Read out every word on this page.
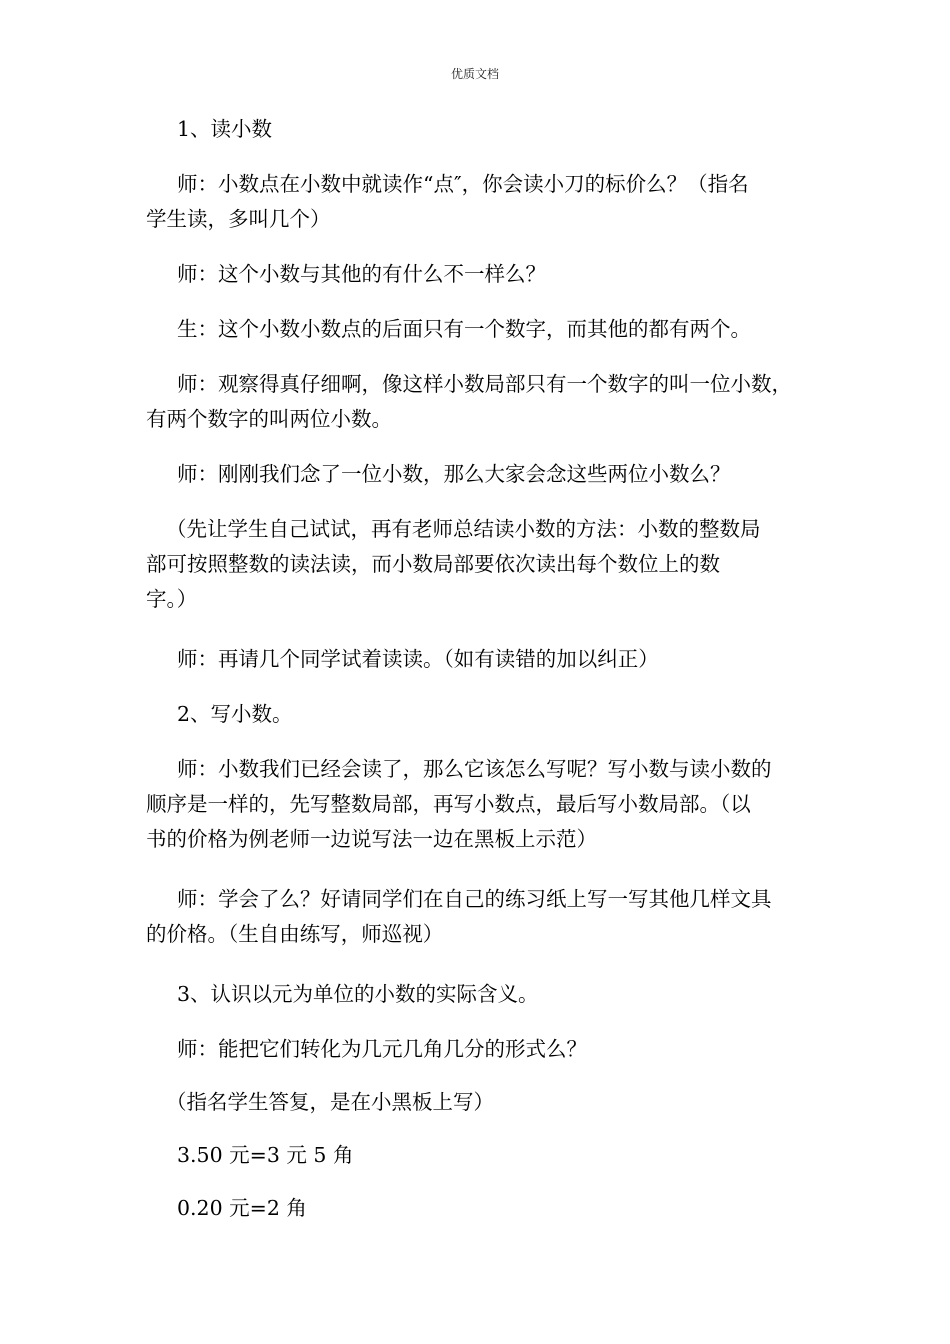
优质文档
1、读小数
师：小数点在小数中就读作“点″，你会读小刀的标价么？（指名
学生读，多叫几个）
师：这个小数与其他的有什么不一样么？
生：这个小数小数点的后面只有一个数字，而其他的都有两个。
师：观察得真仔细啊，像这样小数局部只有一个数字的叫一位小数，
有两个数字的叫两位小数。
师：刚刚我们念了一位小数，那么大家会念这些两位小数么？
（先让学生自己试试，再有老师总结读小数的方法：小数的整数局
部可按照整数的读法读，而小数局部要依次读出每个数位上的数
字。）
师：再请几个同学试着读读。（如有读错的加以纠正）
2、写小数。
师：小数我们已经会读了，那么它该怎么写呢？写小数与读小数的
顺序是一样的，先写整数局部，再写小数点，最后写小数局部。（以
书的价格为例老师一边说写法一边在黑板上示范）
师：学会了么？好请同学们在自己的练习纸上写一写其他几样文具
的价格。（生自由练写，师巡视）
3、认识以元为单位的小数的实际含义。
师：能把它们转化为几元几角几分的形式么？
（指名学生答复，是在小黑板上写）
3.50 元=3 元 5 角
0.20 元=2 角
